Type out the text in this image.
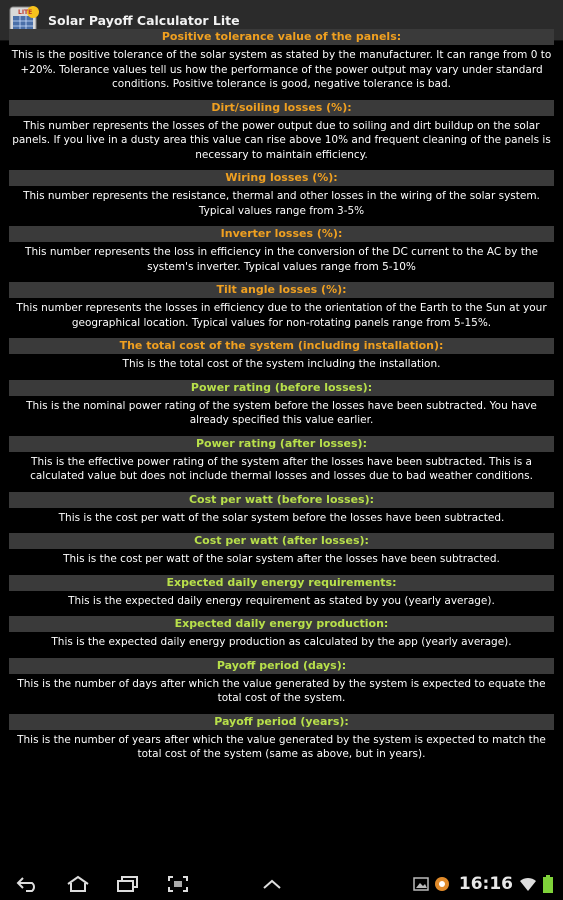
LITE Solar Payoff Calculator Lite
Positive tolerance value of the panels:
This is the positive tolerance of the solar system as stated by the manufacturer. It can range from 0 to +20%. Tolerance values tell us how the performance of the power output may vary under standard conditions. Positive tolerance is good, negative tolerance is bad.
Dirt/soiling losses (%):
This number represents the losses of the power output due to soiling and dirt buildup on the solar panels. If you live in a dusty area this value can rise above 10% and frequent cleaning of the panels is necessary to maintain efficiency.
Wiring losses (%):
This number represents the resistance, thermal and other losses in the wiring of the solar system. Typical values range from 3-5%
Inverter losses (%):
This number represents the loss in efficiency in the conversion of the DC current to the AC by the system's inverter. Typical values range from 5-10%
Tilt angle losses (%):
This number represents the losses in efficiency due to the orientation of the Earth to the Sun at your geographical location. Typical values for non-rotating panels range from 5-15%.
The total cost of the system (including installation):
This is the total cost of the system including the installation.
Power rating (before losses):
This is the nominal power rating of the system before the losses have been subtracted. You have already specified this value earlier.
Power rating (after losses):
This is the effective power rating of the system after the losses have been subtracted. This is a calculated value but does not include thermal losses and losses due to bad weather conditions.
Cost per watt (before losses):
This is the cost per watt of the solar system before the losses have been subtracted.
Cost per watt (after losses):
This is the cost per watt of the solar system after the losses have been subtracted.
Expected daily energy requirements:
This is the expected daily energy requirement as stated by you (yearly average).
Expected daily energy production:
This is the expected daily energy production as calculated by the app (yearly average).
Payoff period (days):
This is the number of days after which the value generated by the system is expected to equate the total cost of the system.
Payoff period (years):
This is the number of years after which the value generated by the system is expected to match the total cost of the system (same as above, but in years).
16:16
